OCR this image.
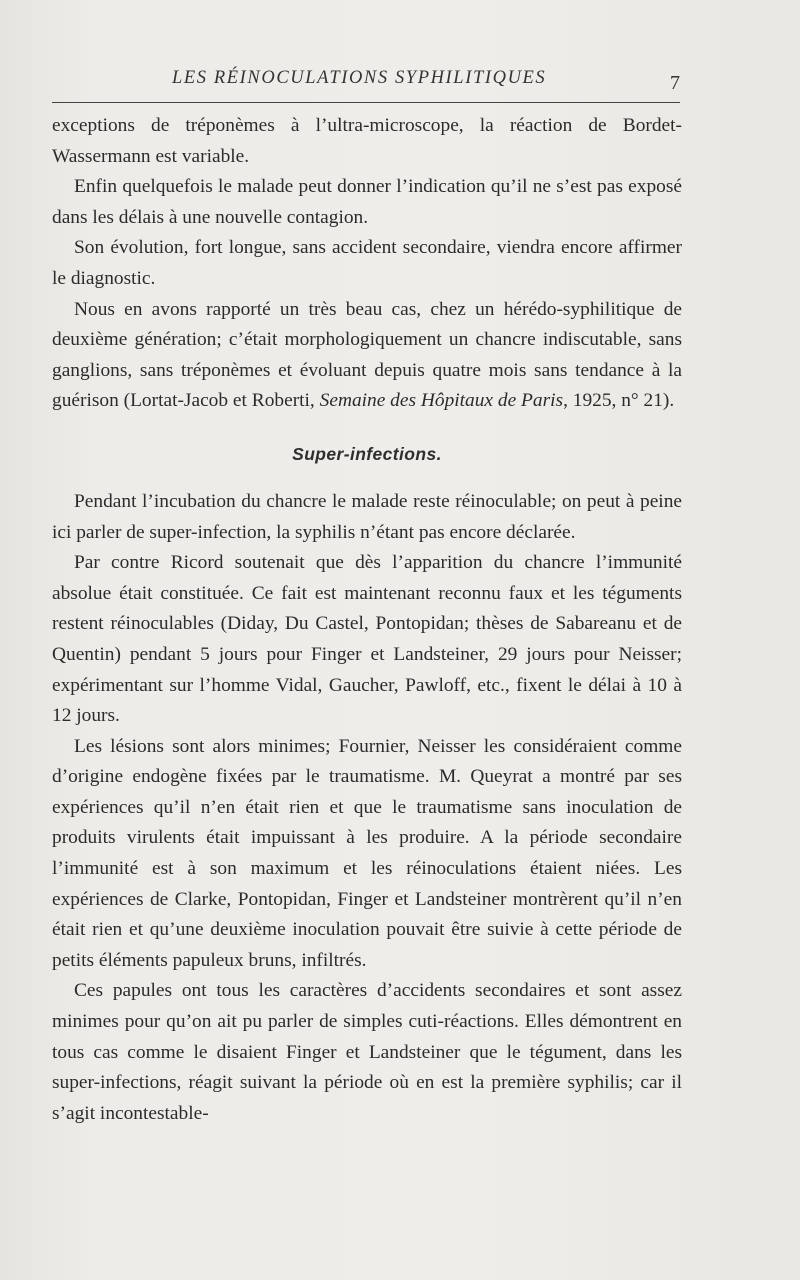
LES RÉINOCULATIONS SYPHILITIQUES	7

exceptions de tréponèmes à l’ultra-microscope, la réaction de Bordet-Wassermann est variable.

Enfin quelquefois le malade peut donner l’indication qu’il ne s’est pas exposé dans les délais à une nouvelle contagion.

Son évolution, fort longue, sans accident secondaire, viendra encore affirmer le diagnostic.

Nous en avons rapporté un très beau cas, chez un hérédo-syphilitique de deuxième génération; c’était morphologiquement un chancre indiscutable, sans ganglions, sans tréponèmes et évoluant depuis quatre mois sans tendance à la guérison (Lortat-Jacob et Roberti, Semaine des Hôpitaux de Paris, 1925, n° 21).

Super-infections.

Pendant l’incubation du chancre le malade reste réinoculable; on peut à peine ici parler de super-infection, la syphilis n’étant pas encore déclarée.

Par contre Ricord soutenait que dès l’apparition du chancre l’immunité absolue était constituée. Ce fait est maintenant reconnu faux et les téguments restent réinoculables (Diday, Du Castel, Pontopidan; thèses de Sabareanu et de Quentin) pendant 5 jours pour Finger et Landsteiner, 29 jours pour Neisser; expérimentant sur l’homme Vidal, Gaucher, Pawloff, etc., fixent le délai à 10 à 12 jours.

Les lésions sont alors minimes; Fournier, Neisser les considéraient comme d’origine endogène fixées par le traumatisme. M. Queyrat a montré par ses expériences qu’il n’en était rien et que le traumatisme sans inoculation de produits virulents était impuissant à les produire. A la période secondaire l’immunité est à son maximum et les réinoculations étaient niées. Les expériences de Clarke, Pontopidan, Finger et Landsteiner montrèrent qu’il n’en était rien et qu’une deuxième inoculation pouvait être suivie à cette période de petits éléments papuleux bruns, infiltrés.

Ces papules ont tous les caractères d’accidents secondaires et sont assez minimes pour qu’on ait pu parler de simples cuti-réactions. Elles démontrent en tous cas comme le disaient Finger et Landsteiner que le tégument, dans les super-infections, réagit suivant la période où en est la première syphilis; car il s’agit incontestable-
